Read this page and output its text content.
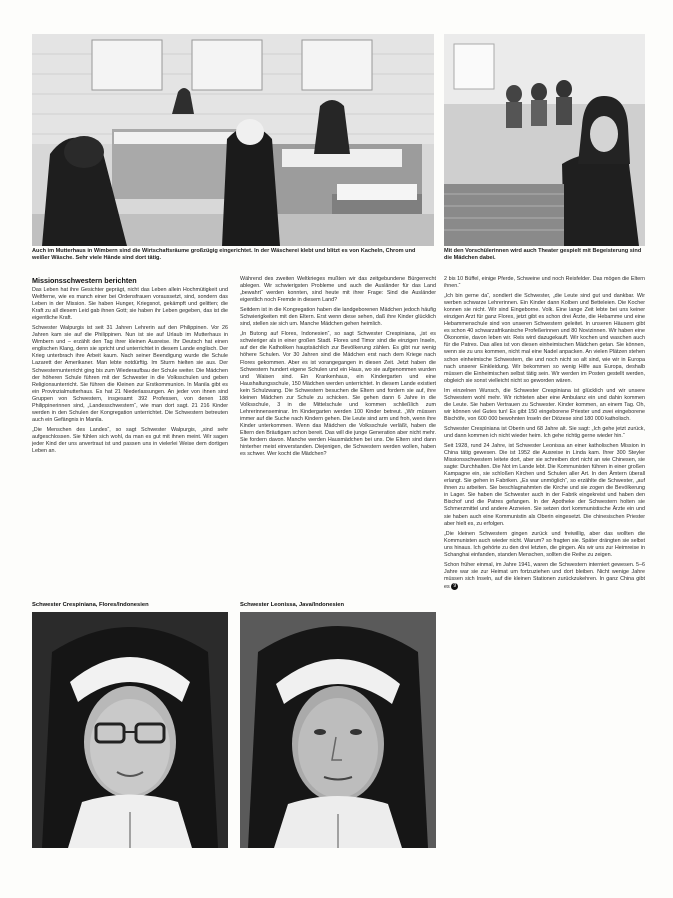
Auch im Mutterhaus in Wimbern sind die Wirtschaftsräume großzügig eingerichtet. In der Wäscherei klebt und blitzt es von Kacheln, Chrom und weißer Wäsche. Sehr viele Hände sind dort tätig.
Mit den Vorschülerinnen wird auch Theater gespielt mit Begeisterung sind die Mädchen dabei.
Missionsschwestern berichten

Das Leben hat ihre Gesichter geprägt, nicht das Leben allein Hochmütigkeit und Weltferne, wie es manch einer bei Ordensfrauen voraussetzt, sind, sondern das Leben in der Mission. Sie haben Hunger, Kriegsnot, gekämpft und gelitten; die Kraft zu all diesem Leid gab ihnen Gott; sie haben ihr Leben gegeben, das ist die eigentliche Kraft.

Schwester Walpurgis ist seit 31 Jahren Lehrerin auf den Philippinen. Vor 26 Jahren kam sie auf die Philippinen. Nun ist sie auf Urlaub im Mutterhaus in Wimbern und – erzählt den Tag ihrer kleinen Ausreise. Ihr Deutsch hat einen englischen Klang, denn sie spricht und unterrichtet in diesem Lande englisch. Der Krieg unterbrach ihre Arbeit kaum. Nach seiner Beendigung wurde die Schule Lazarett der Amerikaner. Man lebte notdürftig. Im Sturm hielten sie aus. Der Schwesternunterricht ging bis zum Wiederaufbau der Schule weiter. Die Mädchen der höheren Schule führen mit der Schwester in die Volksschulen und geben Religionsunterricht. Sie führen die Kleinen zur Erstkommunion. In Manila gibt es ein Provinzialmutterhaus. Es hat 21 Niederlassungen. An jeder von ihnen sind Gruppen von Schwestern, insgesamt 392 Professen, von denen 188 Philippinerinnen sind, „Landesschwestern“, wie man dort sagt. 21 216 Kinder werden in den Schulen der Kongregation unterrichtet. Die Schwestern betreuten auch ein Gefängnis in Manila.

„Die Menschen des Landes“, so sagt Schwester Walpurgis, „sind sehr aufgeschlossen. Sie fühlen sich wohl, da man es gut mit ihnen meint. Wir sagen jeder Kind der uns anvertraut ist und passen uns in vielerlei Weise dem dortigen Leben an.

Während des zweiten Weltkrieges mußten wir das zeitgebundene Bürgerrecht ablegen. Wir schwierigsten Probleme und auch die Ausländer für das Land „bewahrt“ werden konnten, sind heute mit ihrer Frage: Sind die Ausländer eigentlich noch Fremde in diesem Land?

Seitdem ist in die Kongregation haben die landgeborenen Mädchen jedoch häufig Schwierigkeiten mit den Eltern. Erst wenn diese sehen, daß ihre Kinder glücklich sind, stellen sie sich um. Manche Mädchen gehen heimlich.

„In Butong auf Flores, Indonesien“, so sagt Schwester Crespiniana, „ist es schwieriger als in einer großen Stadt. Flores und Timor sind die einzigen Inseln, auf der die Katholiken hauptsächlich zur Bevölkerung zählen. Es gibt nur wenig höhere Schulen. Vor 30 Jahren sind die Mädchen erst nach dem Kriege nach Flores gekommen. Aber es ist vorangegangen in diesen Zeit. Jetzt haben die Schwestern hundert eigene Schulen und ein Haus, wo sie aufgenommen wurden und Waisen sind. Ein Krankenhaus, ein Kindergarten und eine Haushaltungsschule, 150 Mädchen werden unterrichtet. In diesem Lande existiert kein Schulzwang. Die Schwestern besuchen die Eltern und fordern sie auf, ihre kleinen Mädchen zur Schule zu schicken. Sie gehen dann 6 Jahre in die Volksschule, 3 in die Mittelschule und kommen schließlich zum Lehrerinnenseminar. Im Kindergarten werden 100 Kinder betreut. „Wir müssen immer auf die Suche nach Kindern gehen. Die Leute sind arm und froh, wenn ihre Kinder unterkommen. Wenn das Mädchen die Volksschule verläßt, haben die Eltern den Bräutigam schon bereit. Das will die junge Generation aber nicht mehr. Sie fordern davon. Manche werden Hausmädchen bei uns. Die Eltern sind dann hinterher meist einverstanden. Diejenigen, die Schwestern werden wollen, haben es schwer. Wer kocht die Mädchen?

2 bis 10 Büffel, einige Pferde, Schweine und noch Reisfelder. Das mögen die Eltern ihnen.“

„Ich bin gerne da“, sondiert die Schwester, „die Leute sind gut und dankbar. Wir werben schwarze Lehrerinnen. Ein Kinder dann Kolben und Betteleien. Die Kocher konnen sie nicht. Wir sind Eingeborne. Volk. Eine lange Zeit lebte bei uns keiner einzigen Arzt für ganz Flores, jetzt gibt es schon drei Ärzte, die Hebamme und eine Hebammenschule sind von unseren Schwestern geleitet. In unseren Häusern gibt es schon 40 schwarzafrikanische Profeßerinnen und 80 Novizinnen. Wir haben eine Ökonomie, davon leben wir. Reis wird dazugekauft. Wir kochen und waschen auch für die Patres. Das alles ist von diesen einheimischen Mädchen getan. Sie können, wenn sie zu uns kommen, nicht mal eine Nadel anpacken. An vielen Plätzen stehen schon einheimische Schwestern, die und noch nicht so alt sind, wie wir in Europa nach unserer Einkleidung. Wir bekommen so wenig Hilfe aus Europa, deshalb müssen die Einheimischen selbst tätig sein. Wir werden im Posten gestellt werden, obgleich sie sonst vielleicht nicht so geworden wären.

Im einzelnen Wunsch, die Schwester Crespiniana ist glücklich und wir unsere Schwestern wohl mehr. Wir richteten aber eine Ambulanz ein und dahin kommen die Leute. Sie haben Vertrauen zu Schwester. Kinder kommen, an einem Tag. Oh, wir können viel Gutes tun! Es gibt 150 eingeborene Priester und zwei eingeborene Bischöfe, von 600 000 bewohnten Inseln der Diözese sind 180 000 katholisch.

Schwester Crespiniana ist Oberin und 68 Jahre alt. Sie sagt: „Ich gehe jetzt zurück, und dann kommen ich nicht wieder heim. Ich gehe richtig gerne wieder hin.“

Seit 1928, rund 24 Jahre, ist Schwester Leonissa an einer katholischen Mission in China tätig gewesen. Die ist 1952 die Ausreise in Linda kam. Ihrer 300 Steyler Missionsschwestern leitete dort, aber sie schreiben dort nicht an wie Chinesen, sie sagte: Durchhalten. Die Not im Lande lebt. Die Kommunisten führen in einer großen Kampagne ein, sie schloßen Kirchen und Schulen aller Art. In den Ämtern überall erlangt. Sie gehen in Fabriken. „Es war unmöglich“, so erzählte die Schwester, „auf ihnen zu arbeiten. Sie beschlagnahmten die Kirche und sie zogen die Bevölkerung in Lager. Sie haben die Schwester auch in der Fabrik eingekreist und haben den Bischof und die Patres gefangen. In der Apotheke der Schwestern holten sie Schmerzmittel und andere Arzneien. Sie setzen dort kommunistische Ärzte ein und sie haben auch eine Kommunistin als Oberin eingesetzt. Die chinesischen Priester aber hielt es, zu erfolgen.

„Die kleinen Schwestern gingen zurück und freiwillig, aber das wollten die Kommunisten auch wieder nicht. Warum? so fragten sie. Später drängten sie selbst uns hinaus. Ich gehörte zu den drei letzten, die gingen. Als wir uns zur Heimreise in Schanghai einfanden, standen Menschen, sollten die Reihe zu zeigen.

Schon früher einmal, im Jahre 1941, waren die Schwestern interniert gewesen. 5–6 Jahre war sie zur Heimat um fortzuziehen und dort bleiben. Nicht wenige Jahre müssen sich Inseln, auf die kleinen Stationen zurückzukehren. In ganz China gibt es 9

Schwester Crespiniana, Flores/Indonesien	Schwester Leonissa, Java/Indonesien
